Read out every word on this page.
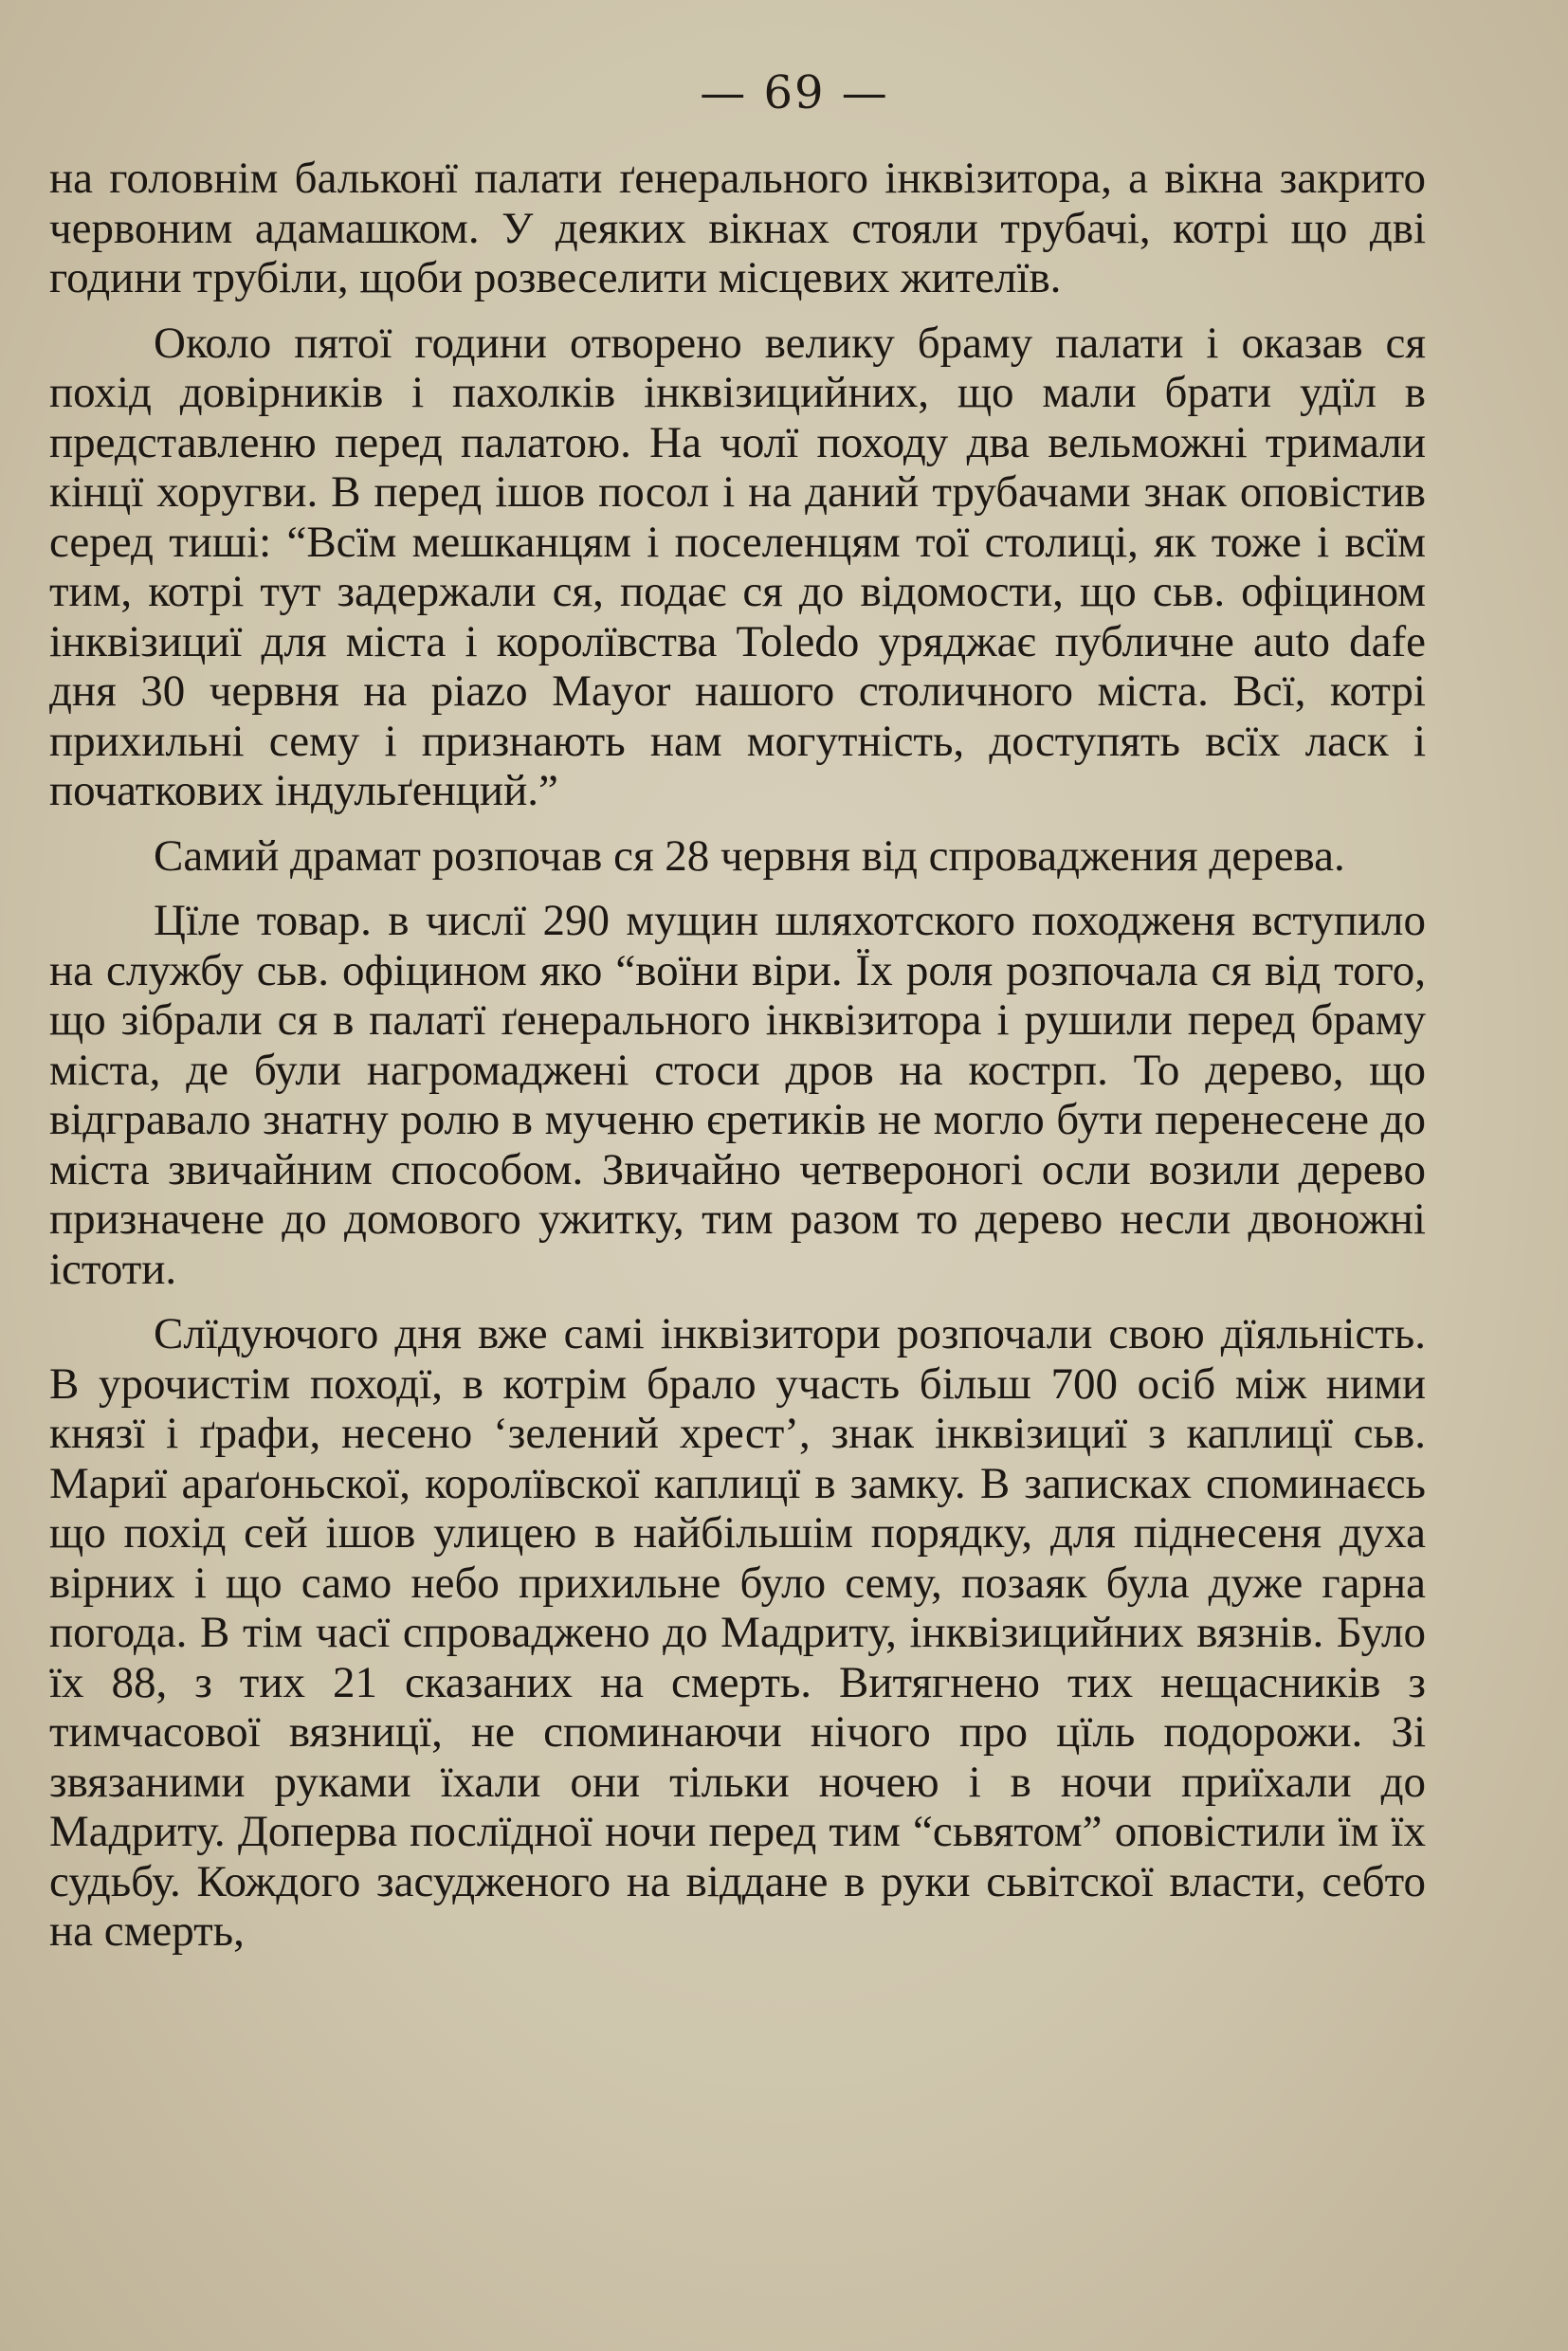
— 69 —

на головнім бальконї палати ґенерального інквізитора, а вікна закрито червоним адамашком. У деяких вікнах стояли трубачі, котрі що дві години трубіли, щоби розвеселити місцевих жителїв.

Около пятої години отворено велику браму палати і оказав ся похід довірників і пахолків інквізицийних, що мали брати удїл в представленю перед палатою. На чолї походу два вельможні тримали кінцї хоругви. В перед ішов посол і на даний трубачами знак оповістив серед тиші: “Всїм мешканцям і поселенцям тої столиці, як тоже і всїм тим, котрі тут задержали ся, подає ся до відомости, що сьв. офіцином інквізициї для міста і королївства Toledo уряджає публичне auto dafe дня 30 червня на piazo Mayor нашого столичного міста. Всї, котрі прихильні сему і признають нам могутність, доступять всїх ласк і початкових індульґенций.”

Самий драмат розпочав ся 28 червня від спроваджения дерева.

Цїле товар. в числї 290 мущин шляхотского походженя вступило на службу сьв. офіцином яко “воїни віри. Їх роля розпочала ся від того, що зібрали ся в палатї ґенерального інквізитора і рушили перед браму міста, де були нагромаджені стоси дров на кострп. То дерево, що відгравало знатну ролю в мученю єретиків не могло бути перенесене до міста звичайним способом. Звичайно четвероногі осли возили дерево призначене до домового ужитку, тим разом то дерево несли двоножні істоти.

Слїдуючого дня вже самі інквізитори розпочали свою дїяльність. В урочистім походї, в котрім брало участь більш 700 осіб між ними князї і ґрафи, несено ‘зелений хрест’, знак інквізициї з каплицї сьв. Мариї араґоньскої, королївскої каплицї в замку. В записках споминаєсь що похід сей ішов улицею в найбільшім порядку, для піднесеня духа вірних і що само небо прихильне було сему, позаяк була дуже гарна погода. В тім часї спроваджено до Мадриту, інквізицийних вязнів. Було їх 88, з тих 21 сказаних на смерть. Витягнено тих нещасників з тимчасової вязницї, не споминаючи нічого про цїль подорожи. Зі звязаними руками їхали они тільки ночею і в ночи приїхали до Мадриту. Допервa послїдної ночи перед тим “сьвятом” оповістили їм їх судьбу. Кождого засудженого на віддане в руки сьвітскої власти, себто на смерть,
